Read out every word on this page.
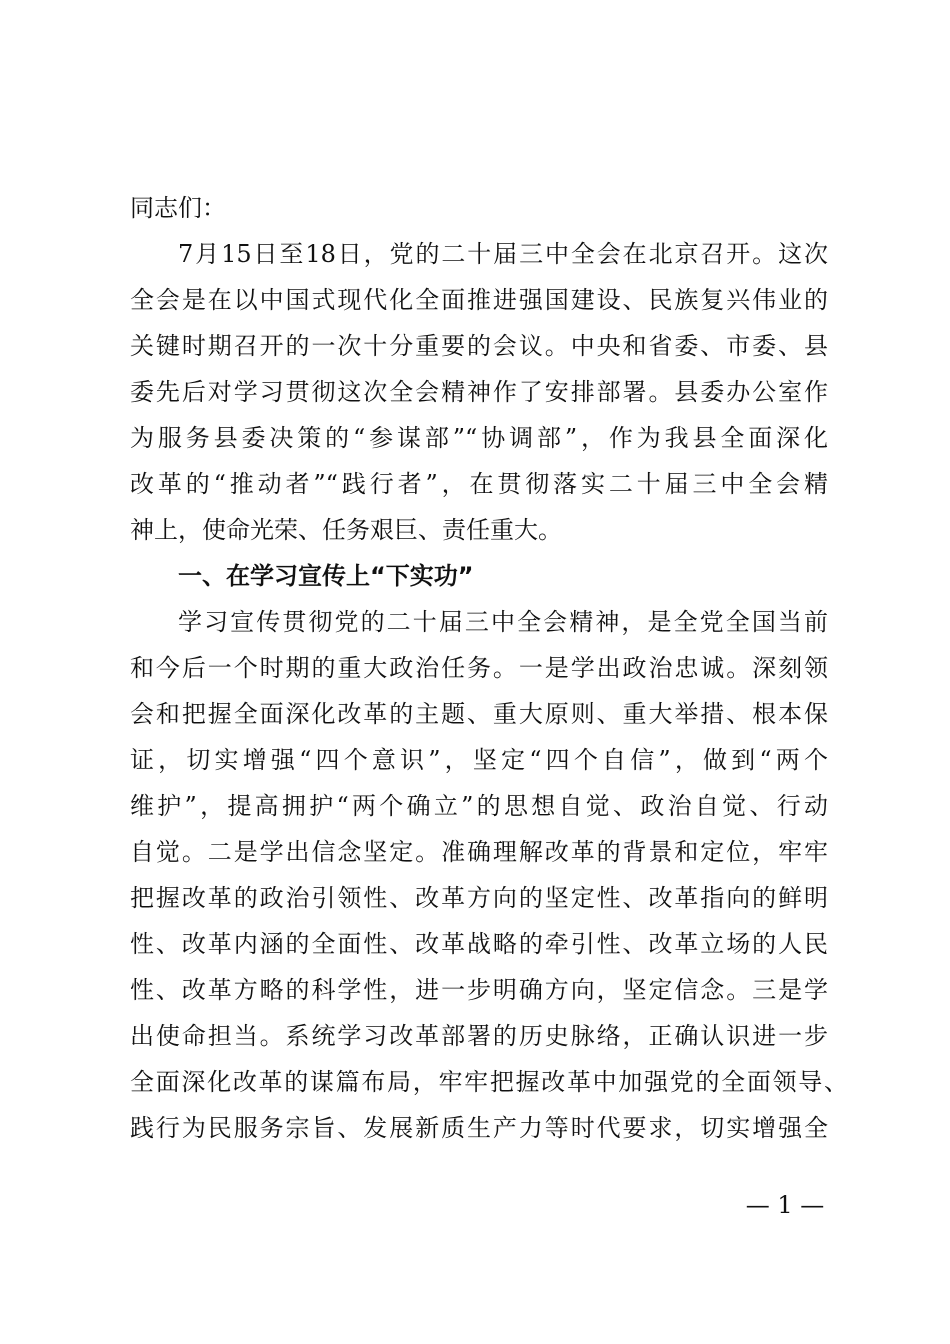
同志们：
7月15日至18日，党的二十届三中全会在北京召开。这次
全会是在以中国式现代化全面推进强国建设、民族复兴伟业的
关键时期召开的一次十分重要的会议。中央和省委、市委、县
委先后对学习贯彻这次全会精神作了安排部署。县委办公室作
为服务县委决策的“参谋部”“协调部”，作为我县全面深化
改革的“推动者”“践行者”，在贯彻落实二十届三中全会精
神上，使命光荣、任务艰巨、责任重大。
一、在学习宣传上“下实功”
学习宣传贯彻党的二十届三中全会精神，是全党全国当前
和今后一个时期的重大政治任务。一是学出政治忠诚。深刻领
会和把握全面深化改革的主题、重大原则、重大举措、根本保
证，切实增强“四个意识”，坚定“四个自信”，做到“两个
维护”，提高拥护“两个确立”的思想自觉、政治自觉、行动
自觉。二是学出信念坚定。准确理解改革的背景和定位，牢牢
把握改革的政治引领性、改革方向的坚定性、改革指向的鲜明
性、改革内涵的全面性、改革战略的牵引性、改革立场的人民
性、改革方略的科学性，进一步明确方向，坚定信念。三是学
出使命担当。系统学习改革部署的历史脉络，正确认识进一步
全面深化改革的谋篇布局，牢牢把握改革中加强党的全面领导、
践行为民服务宗旨、发展新质生产力等时代要求，切实增强全
— 1 —
